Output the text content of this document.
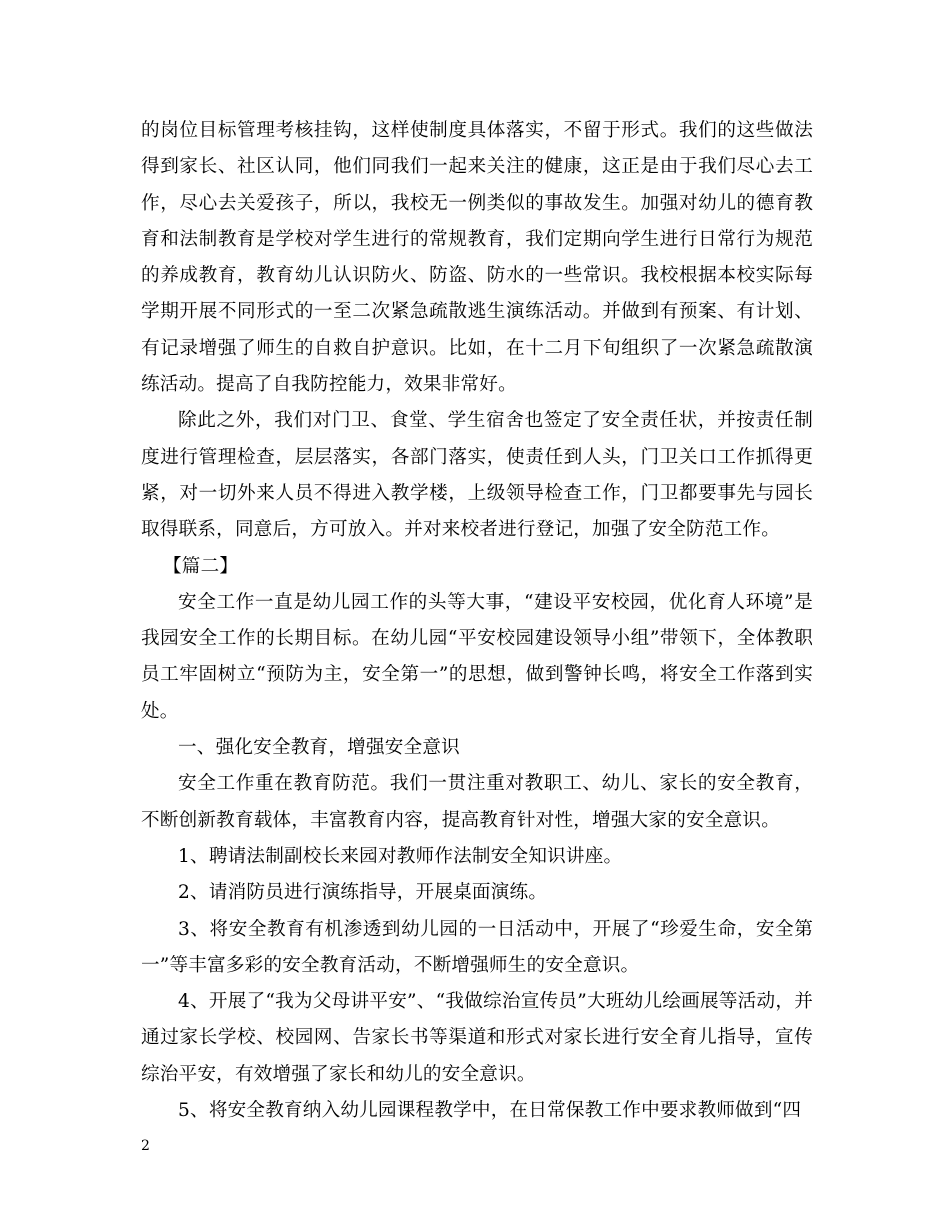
的岗位目标管理考核挂钩，这样使制度具体落实，不留于形式。我们的这些做法得到家长、社区认同，他们同我们一起来关注的健康，这正是由于我们尽心去工作，尽心去关爱孩子，所以，我校无一例类似的事故发生。加强对幼儿的德育教育和法制教育是学校对学生进行的常规教育，我们定期向学生进行日常行为规范的养成教育，教育幼儿认识防火、防盗、防水的一些常识。我校根据本校实际每学期开展不同形式的一至二次紧急疏散逃生演练活动。并做到有预案、有计划、有记录增强了师生的自救自护意识。比如，在十二月下旬组织了一次紧急疏散演练活动。提高了自我防控能力，效果非常好。

除此之外，我们对门卫、食堂、学生宿舍也签定了安全责任状，并按责任制度进行管理检查，层层落实，各部门落实，使责任到人头，门卫关口工作抓得更紧，对一切外来人员不得进入教学楼，上级领导检查工作，门卫都要事先与园长取得联系，同意后，方可放入。并对来校者进行登记，加强了安全防范工作。

【篇二】

安全工作一直是幼儿园工作的头等大事，“建设平安校园，优化育人环境”是我园安全工作的长期目标。在幼儿园“平安校园建设领导小组”带领下，全体教职员工牢固树立“预防为主，安全第一”的思想，做到警钟长鸣，将安全工作落到实处。

一、强化安全教育，增强安全意识

安全工作重在教育防范。我们一贯注重对教职工、幼儿、家长的安全教育，不断创新教育载体，丰富教育内容，提高教育针对性，增强大家的安全意识。

1、聘请法制副校长来园对教师作法制安全知识讲座。

2、请消防员进行演练指导，开展桌面演练。

3、将安全教育有机渗透到幼儿园的一日活动中，开展了“珍爱生命，安全第一”等丰富多彩的安全教育活动，不断增强师生的安全意识。

4、开展了“我为父母讲平安”、“我做综治宣传员”大班幼儿绘画展等活动，并通过家长学校、校园网、告家长书等渠道和形式对家长进行安全育儿指导，宣传综治平安，有效增强了家长和幼儿的安全意识。

5、将安全教育纳入幼儿园课程教学中，在日常保教工作中要求教师做到“四

2
